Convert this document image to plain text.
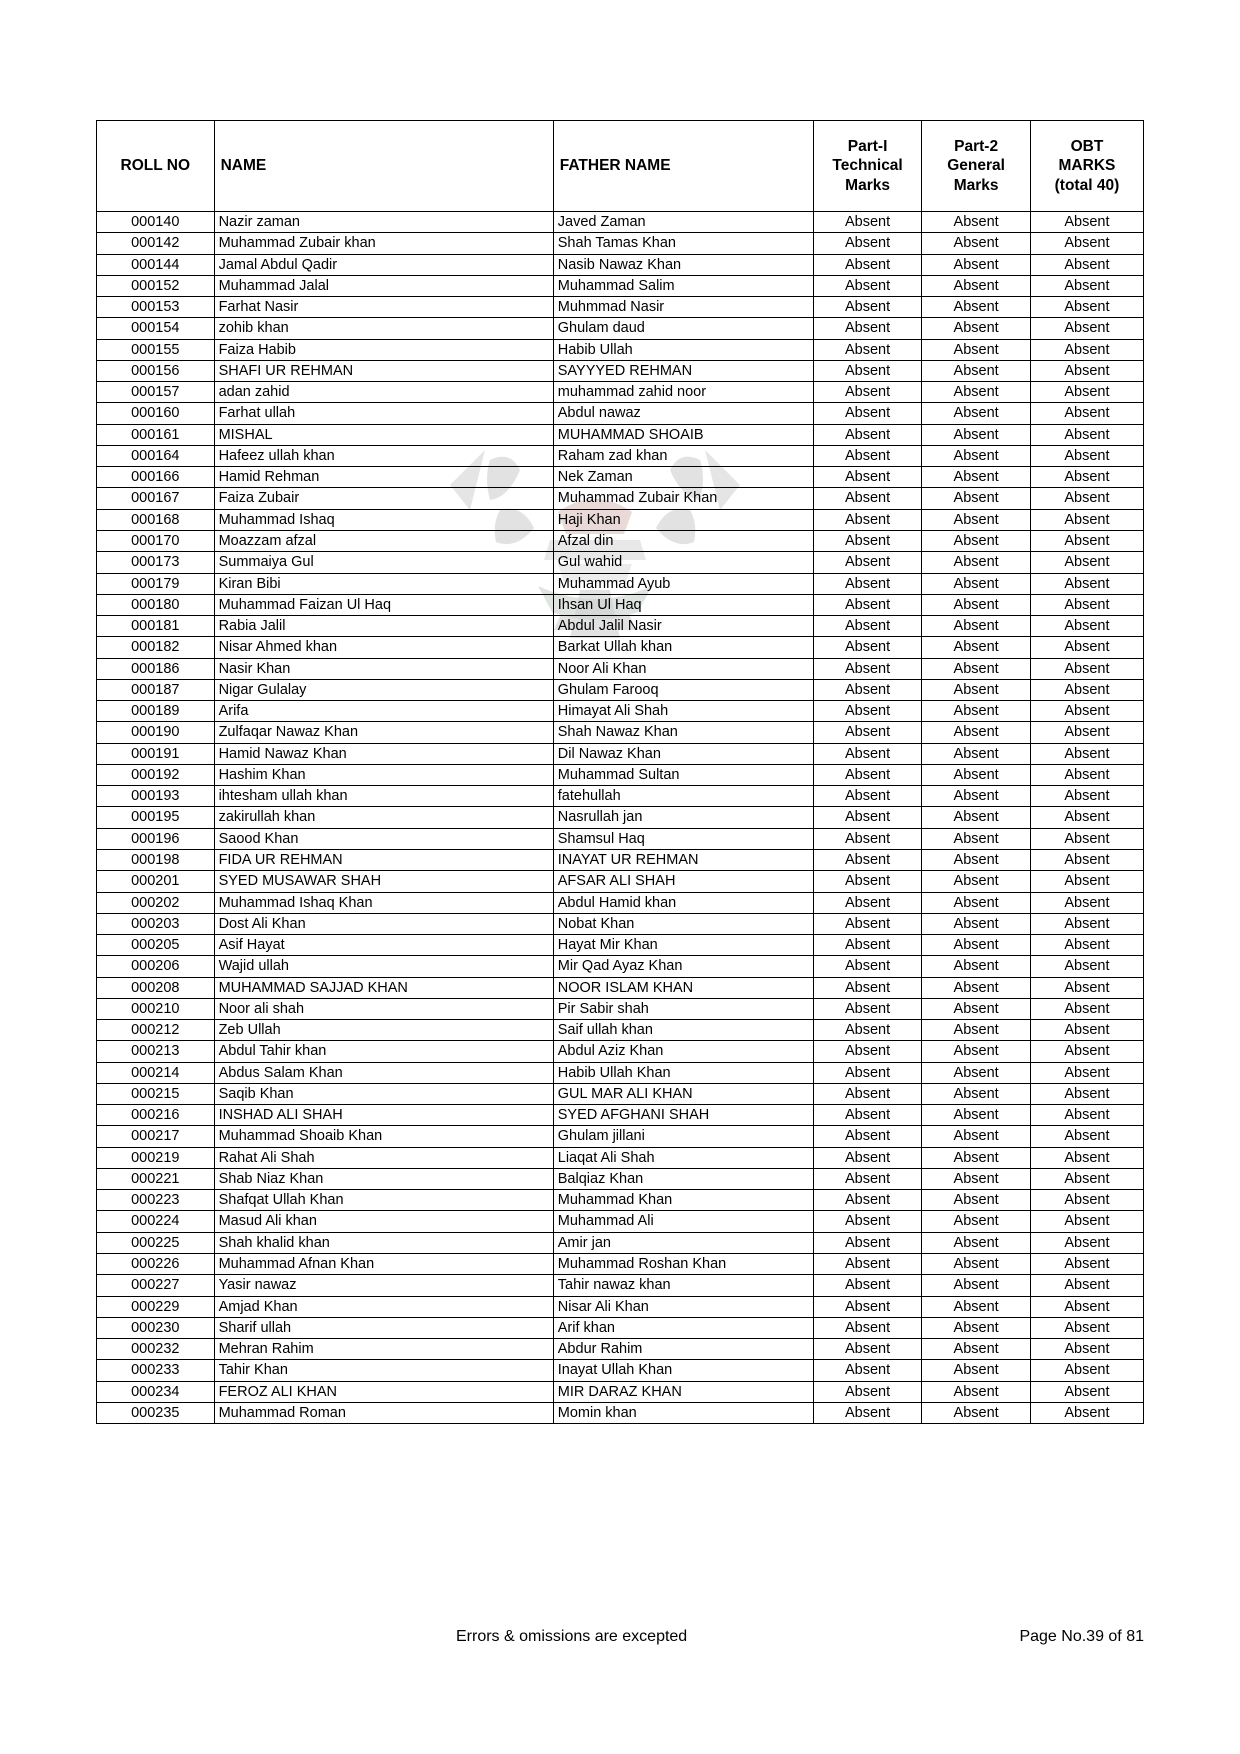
ROLL NO	NAME	FATHER NAME	Part-I
Technical
Marks	Part-2
General
Marks	OBT
MARKS
(total 40)

000140	Nazir zaman	Javed Zaman	Absent	Absent	Absent
000142	Muhammad Zubair khan	Shah Tamas Khan	Absent	Absent	Absent
000144	Jamal Abdul Qadir	Nasib Nawaz Khan	Absent	Absent	Absent
000152	Muhammad Jalal	Muhammad Salim	Absent	Absent	Absent
000153	Farhat Nasir	Muhmmad Nasir	Absent	Absent	Absent
000154	zohib khan	Ghulam daud	Absent	Absent	Absent
000155	Faiza Habib	Habib Ullah	Absent	Absent	Absent
000156	SHAFI UR REHMAN	SAYYYED REHMAN	Absent	Absent	Absent
000157	adan zahid	muhammad zahid noor	Absent	Absent	Absent
000160	Farhat ullah	Abdul nawaz	Absent	Absent	Absent
000161	MISHAL	MUHAMMAD SHOAIB	Absent	Absent	Absent
000164	Hafeez ullah khan	Raham zad khan	Absent	Absent	Absent
000166	Hamid Rehman	Nek Zaman	Absent	Absent	Absent
000167	Faiza Zubair	Muhammad Zubair Khan	Absent	Absent	Absent
000168	Muhammad Ishaq	Haji Khan	Absent	Absent	Absent
000170	Moazzam afzal	Afzal din	Absent	Absent	Absent
000173	Summaiya Gul	Gul wahid	Absent	Absent	Absent
000179	Kiran Bibi	Muhammad Ayub	Absent	Absent	Absent
000180	Muhammad Faizan Ul Haq	Ihsan Ul Haq	Absent	Absent	Absent
000181	Rabia Jalil	Abdul Jalil Nasir	Absent	Absent	Absent
000182	Nisar Ahmed khan	Barkat Ullah khan	Absent	Absent	Absent
000186	Nasir Khan	Noor Ali Khan	Absent	Absent	Absent
000187	Nigar Gulalay	Ghulam Farooq	Absent	Absent	Absent
000189	Arifa	Himayat Ali Shah	Absent	Absent	Absent
000190	Zulfaqar Nawaz Khan	Shah Nawaz Khan	Absent	Absent	Absent
000191	Hamid Nawaz Khan	Dil Nawaz Khan	Absent	Absent	Absent
000192	Hashim Khan	Muhammad Sultan	Absent	Absent	Absent
000193	ihtesham ullah khan	fatehullah	Absent	Absent	Absent
000195	zakirullah khan	Nasrullah jan	Absent	Absent	Absent
000196	Saood Khan	Shamsul Haq	Absent	Absent	Absent
000198	FIDA UR REHMAN	INAYAT UR REHMAN	Absent	Absent	Absent
000201	SYED MUSAWAR SHAH	AFSAR ALI SHAH	Absent	Absent	Absent
000202	Muhammad Ishaq Khan	Abdul Hamid khan	Absent	Absent	Absent
000203	Dost Ali Khan	Nobat Khan	Absent	Absent	Absent
000205	Asif Hayat	Hayat Mir Khan	Absent	Absent	Absent
000206	Wajid ullah	Mir Qad Ayaz Khan	Absent	Absent	Absent
000208	MUHAMMAD SAJJAD KHAN	NOOR ISLAM KHAN	Absent	Absent	Absent
000210	Noor ali shah	Pir Sabir shah	Absent	Absent	Absent
000212	Zeb Ullah	Saif ullah khan	Absent	Absent	Absent
000213	Abdul Tahir khan	Abdul Aziz Khan	Absent	Absent	Absent
000214	Abdus Salam Khan	Habib Ullah Khan	Absent	Absent	Absent
000215	Saqib Khan	GUL MAR ALI KHAN	Absent	Absent	Absent
000216	INSHAD ALI SHAH	SYED AFGHANI SHAH	Absent	Absent	Absent
000217	Muhammad Shoaib Khan	Ghulam jillani	Absent	Absent	Absent
000219	Rahat Ali Shah	Liaqat Ali Shah	Absent	Absent	Absent
000221	Shab Niaz Khan	Balqiaz Khan	Absent	Absent	Absent
000223	Shafqat Ullah Khan	Muhammad Khan	Absent	Absent	Absent
000224	Masud Ali khan	Muhammad Ali	Absent	Absent	Absent
000225	Shah khalid khan	Amir jan	Absent	Absent	Absent
000226	Muhammad Afnan Khan	Muhammad Roshan Khan	Absent	Absent	Absent
000227	Yasir nawaz	Tahir nawaz khan	Absent	Absent	Absent
000229	Amjad Khan	Nisar Ali Khan	Absent	Absent	Absent
000230	Sharif ullah	Arif khan	Absent	Absent	Absent
000232	Mehran Rahim	Abdur Rahim	Absent	Absent	Absent
000233	Tahir Khan	Inayat Ullah Khan	Absent	Absent	Absent
000234	FEROZ ALI KHAN	MIR DARAZ KHAN	Absent	Absent	Absent
000235	Muhammad Roman	Momin khan	Absent	Absent	Absent
Errors & omissions are excepted	Page No.39 of 81
